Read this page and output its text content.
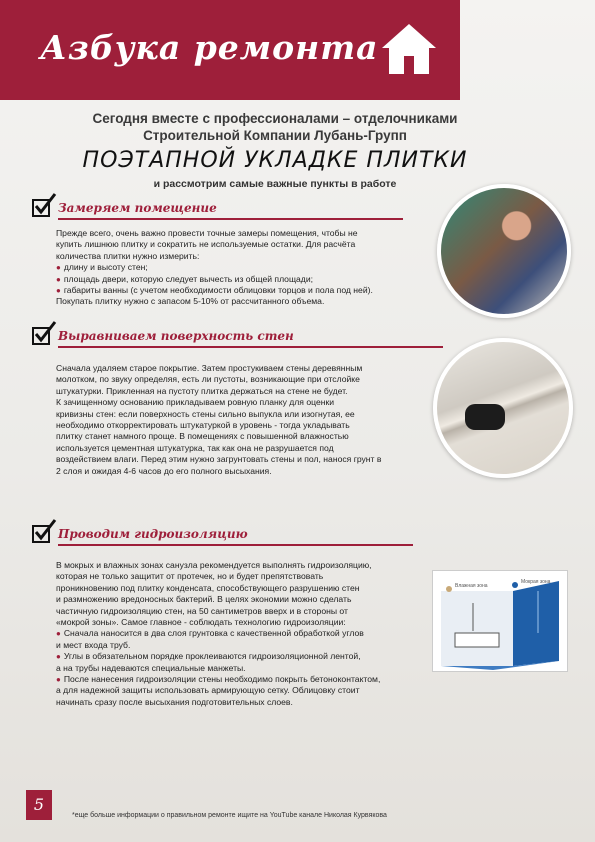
Азбука ремонта
Сегодня вместе с профессионалами – отделочниками
Строительной Компании Лубань-Групп
ПОЭТАПНОЙ УКЛАДКЕ ПЛИТКИ
и рассмотрим самые важные пункты в работе
Замеряем помещение

Прежде всего, очень важно провести точные замеры помещения, чтобы не

купить лишнюю плитку и сократить не используемые остатки. Для расчёта

количества плитки нужно измерить:

● длину и высоту стен;

● площадь двери, которую следует вычесть из общей площади;

● габариты ванны (с учетом необходимости облицовки торцов и пола под ней).

Покупать плитку нужно с запасом 5-10% от рассчитанного объема.

Выравниваем поверхность стен

Сначала удаляем старое покрытие. Затем простукиваем стены деревянным

молотком, по звуку определяя, есть ли пустоты, возникающие при отслойке

штукатурки. Прикленная на пустоту плитка держаться на стене не будет.

К зачищенному основанию прикладываем ровную планку для оценки

кривизны стен: если поверхность стены сильно выпукла или изогнутая, ее

необходимо откорректировать штукатуркой в уровень - тогда укладывать

плитку станет намного проще. В помещениях с повышенной влажностью

используется цементная штукатурка, так как она не разрушается под

воздействием влаги. Перед этим нужно загрунтовать стены и пол, нанося грунт в

2 слоя и ожидая 4-6 часов до его полного высыхания.

Проводим гидроизоляцию

В мокрых и влажных зонах санузла рекомендуется выполнять гидроизоляцию,

которая не только защитит от протечек, но и будет препятствовать

проникновению под плитку конденсата, способствующего разрушению стен

и размножению вредоносных бактерий. В целях экономии можно сделать

частичную гидроизоляцию стен, на 50 сантиметров вверх и в стороны от

«мокрой зоны». Самое главное - соблюдать технологию гидроизоляции:

● Сначала наносится в два слоя грунтовка с качественной обработкой углов

и мест входа труб.

● Углы в обязательном порядке проклеиваются гидроизоляционной лентой,

а на трубы надеваются специальные манжеты.

● После нанесения гидроизоляции стены необходимо покрыть бетоноконтактом,

а для надежной защиты использовать армирующую сетку. Облицовку стоит

начинать сразу после высыхания подготовительных слоев.

Влажная зона
Мокрая зона
5
*еще больше информации о правильном ремонте ищите на YouTube канале Николая Курвякова
